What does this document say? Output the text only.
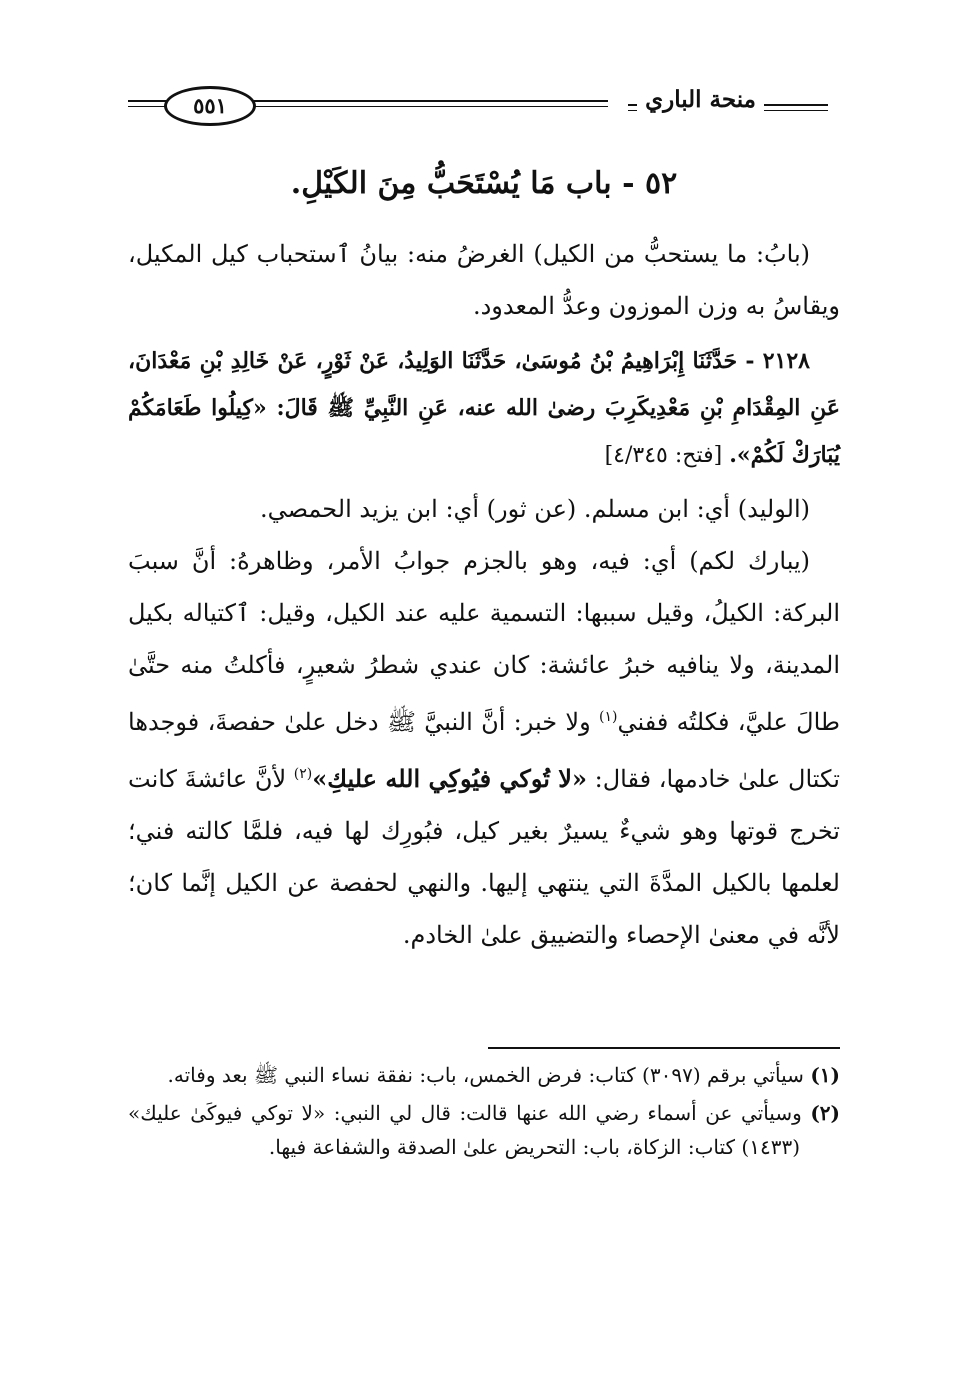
منحة الباري
٥٥١
٥٢ - باب مَا يُسْتَحَبُّ مِنَ الكَيْلِ.

(بابُ: ما يستحبُّ من الكيل) الغرضُ منه: بيانُ ٱستحباب كيل المكيل، ويقاسُ به وزن الموزون وعدُّ المعدود.

٢١٢٨ - حَدَّثَنَا إِبْرَاهِيمُ بْنُ مُوسَىٰ، حَدَّثَنَا الوَلِيدُ، عَنْ ثَوْرٍ، عَنْ خَالِدِ بْنِ مَعْدَانَ، عَنِ المِقْدَامِ بْنِ مَعْدِيكَرِبَ رضىٰ الله عنه، عَنِ النَّبِيِّ ﷺ قَالَ: «كِيلُوا طَعَامَكُمْ يُبَارَكْ لَكُمْ». [فتح: ٤/٣٤٥]

(الوليد) أي: ابن مسلم. (عن ثور) أي: ابن يزيد الحمصي.

(يبارك لكم) أي: فيه، وهو بالجزم جوابُ الأمر، وظاهرهُ: أنَّ سببَ البركة: الكيلُ، وقيل سببها: التسمية عليه عند الكيل، وقيل: ٱكتياله بكيل المدينة، ولا ينافيه خبرُ عائشة: كان عندي شطرُ شعيرٍ، فأكلتُ منه حتَّىٰ طالَ عليَّ، فكلتُه ففني$^{(١)}$ ولا خبر: أنَّ النبيَّ ﷺ دخل علىٰ حفصةَ، فوجدها تكتال علىٰ خادمها، فقال: «لا تُوكي فيُوكِي الله عليكِ»$^{(٢)}$ لأنَّ عائشةَ كانت تخرج قوتها وهو شيءٌ يسيرٌ بغير كيل، فبُورِك لها فيه، فلمَّا كالته فني؛ لعلمها بالكيل المدَّةَ التي ينتهي إليها. والنهي لحفصة عن الكيل إنَّما كان؛ لأنَّه في معنىٰ الإحصاء والتضييق علىٰ الخادم.

(١) سيأتي برقم (٣٠٩٧) كتاب: فرض الخمس، باب: نفقة نساء النبي ﷺ بعد وفاته.

(٢) وسيأتي عن أسماء رضي الله عنها قالت: قال لي النبي: «لا توكي فيوكَىٰ عليك» (١٤٣٣) كتاب: الزكاة، باب: التحريض علىٰ الصدقة والشفاعة فيها.
